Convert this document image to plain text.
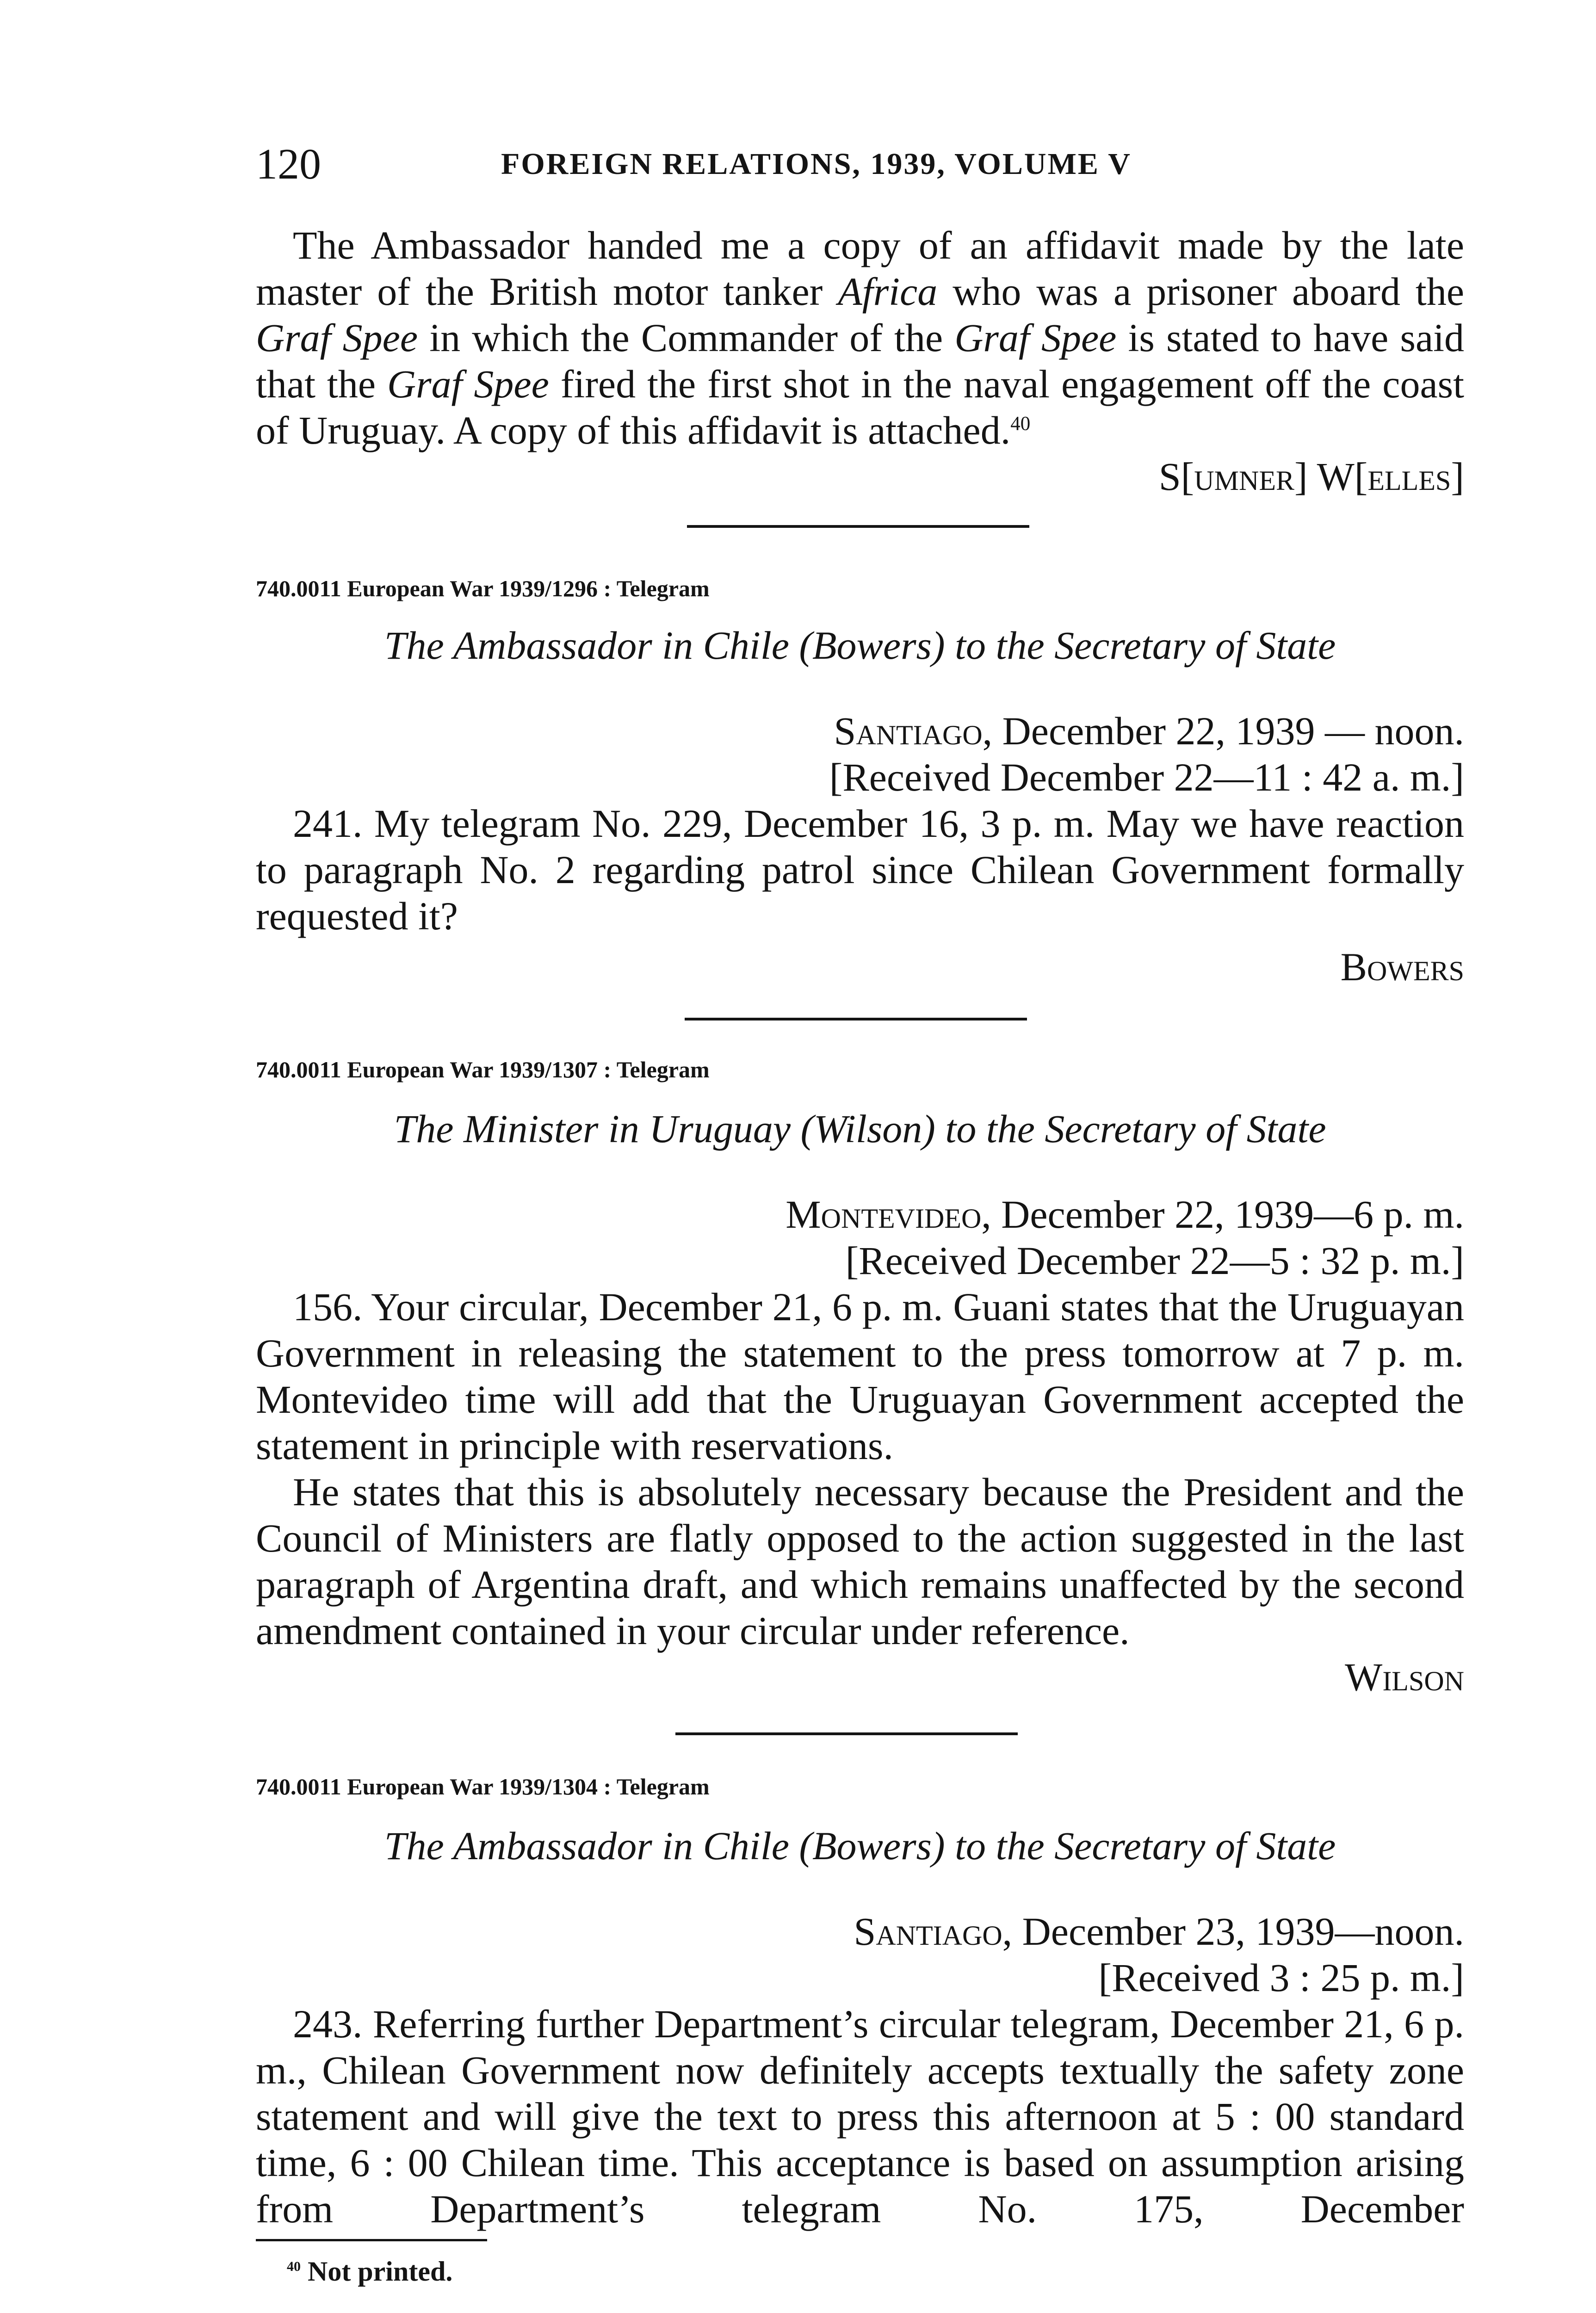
120	FOREIGN RELATIONS, 1939, VOLUME V
The Ambassador handed me a copy of an affidavit made by the late master of the British motor tanker Africa who was a prisoner aboard the Graf Spee in which the Commander of the Graf Spee is stated to have said that the Graf Spee fired the first shot in the naval engagement off the coast of Uruguay. A copy of this affidavit is attached.$^{40}$
S[umner] W[elles]
740.0011 European War 1939/1296 : Telegram
The Ambassador in Chile (Bowers) to the Secretary of State
Santiago, December 22, 1939 — noon.
[Received December 22—11 : 42 a. m.]
241. My telegram No. 229, December 16, 3 p. m. May we have reaction to paragraph No. 2 regarding patrol since Chilean Government formally requested it?
Bowers
740.0011 European War 1939/1307 : Telegram
The Minister in Uruguay (Wilson) to the Secretary of State
Montevideo, December 22, 1939—6 p. m.
[Received December 22—5 : 32 p. m.]
156. Your circular, December 21, 6 p. m. Guani states that the Uruguayan Government in releasing the statement to the press tomorrow at 7 p. m. Montevideo time will add that the Uruguayan Government accepted the statement in principle with reservations.
He states that this is absolutely necessary because the President and the Council of Ministers are flatly opposed to the action suggested in the last paragraph of Argentina draft, and which remains unaffected by the second amendment contained in your circular under reference.
Wilson
740.0011 European War 1939/1304 : Telegram
The Ambassador in Chile (Bowers) to the Secretary of State
Santiago, December 23, 1939—noon.
[Received 3 : 25 p. m.]
243. Referring further Department’s circular telegram, December 21, 6 p. m., Chilean Government now definitely accepts textually the safety zone statement and will give the text to press this afternoon at 5 : 00 standard time, 6 : 00 Chilean time. This acceptance is based on assumption arising from Department’s telegram No. 175, December
$^{40}$ Not printed.
